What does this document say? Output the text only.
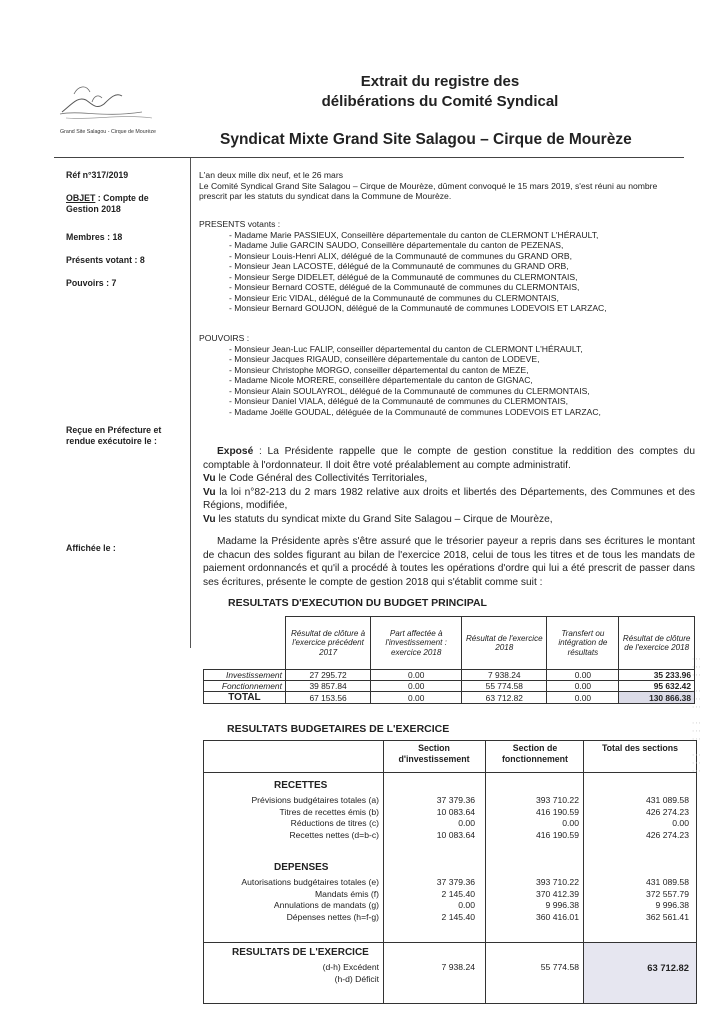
Grand Site Salagou - Cirque de Mourèze
Extrait du registre des
délibérations du Comité Syndical
Syndicat Mixte Grand Site Salagou – Cirque de Mourèze
Réf n°317/2019
OBJET : Compte de
Gestion 2018
Membres : 18
Présents votant : 8
Pouvoirs : 7
Reçue en Préfecture et
rendue exécutoire le :
Affichée le :
L'an deux mille dix neuf, et le 26 mars
Le Comité Syndical Grand Site Salagou – Cirque de Mourèze, dûment convoqué le 15 mars 2019, s'est réuni au nombre
prescrit par les statuts du syndicat dans la Commune de Mourèze.
PRESENTS votants :
- Madame Marie PASSIEUX, Conseillère départementale du canton de CLERMONT L'HÉRAULT,
- Madame Julie GARCIN SAUDO, Conseillère départementale du canton de PEZENAS,
- Monsieur Louis-Henri ALIX, délégué de la Communauté de communes du GRAND ORB,
- Monsieur Jean LACOSTE, délégué de la Communauté de communes du GRAND ORB,
- Monsieur Serge DIDELET, délégué de la Communauté de communes du CLERMONTAIS,
- Monsieur Bernard COSTE, délégué de la Communauté de communes du CLERMONTAIS,
- Monsieur Eric VIDAL, délégué de la Communauté de communes du CLERMONTAIS,
- Monsieur Bernard GOUJON, délégué de la Communauté de communes LODEVOIS ET LARZAC,
POUVOIRS :
- Monsieur Jean-Luc FALIP, conseiller départemental du canton de CLERMONT L'HÉRAULT,
- Monsieur Jacques RIGAUD, conseillère départementale du canton de LODEVE,
- Monsieur Christophe MORGO, conseiller départemental du canton de MEZE,
- Madame Nicole MORERE, conseillère départementale du canton de GIGNAC,
- Monsieur Alain SOULAYROL, délégué de la Communauté de communes du CLERMONTAIS,
- Monsieur Daniel VIALA, délégué de la Communauté de communes du CLERMONTAIS,
- Madame Joëlle GOUDAL, déléguée de la Communauté de communes LODEVOIS ET LARZAC,
Exposé : La Présidente rappelle que le compte de gestion constitue la reddition des comptes du comptable à l'ordonnateur. Il doit être voté préalablement au compte administratif.
Vu le Code Général des Collectivités Territoriales,
Vu la loi n°82-213 du 2 mars 1982 relative aux droits et libertés des Départements, des Communes et des Régions, modifiée,
Vu les statuts du syndicat mixte du Grand Site Salagou – Cirque de Mourèze,
Madame la Présidente après s'être assuré que le trésorier payeur a repris dans ses écritures le montant de chacun des soldes figurant au bilan de l'exercice 2018, celui de tous les titres et de tous les mandats de paiement ordonnancés et qu'il a procédé à toutes les opérations d'ordre qui lui a été prescrit de passer dans ses écritures, présente le compte de gestion 2018 qui s'établit comme suit :
RESULTATS D'EXECUTION DU BUDGET PRINCIPAL
	Résultat de clôture à l'exercice précédent 2017	Part affectée à l'investissement : exercice 2018	Résultat de l'exercice 2018	Transfert ou intégration de résultats	Résultat de clôture de l'exercice 2018
Investissement	27 295.72	0.00	7 938.24	0.00	35 233.96
Fonctionnement	39 857.84	0.00	55 774.58	0.00	95 632.42
TOTAL	67 153.56	0.00	63 712.82	0.00	130 866.38
RESULTATS BUDGETAIRES DE L'EXERCICE
Section d'investissement
Section de fonctionnement
Total des sections
RECETTES
Prévisions budgétaires totales (a)	37 379.36	393 710.22	431 089.58
Titres de recettes émis (b)	10 083.64	416 190.59	426 274.23
Réductions de titres (c)	0.00	0.00	0.00
Recettes nettes (d=b-c)	10 083.64	416 190.59	426 274.23
DEPENSES
Autorisations budgétaires totales (e)	37 379.36	393 710.22	431 089.58
Mandats émis (f)	2 145.40	370 412.39	372 557.79
Annulations de mandats (g)	0.00	9 996.38	9 996.38
Dépenses nettes (h=f-g)	2 145.40	360 416.01	362 561.41
RESULTATS DE L'EXERCICE
(d-h) Excédent	7 938.24	55 774.58	63 712.82
(h-d) Déficit
∙∙∙
∙∙∙
∙∙∙

∙∙∙
∙∙∙
∙∙∙

∙∙∙
∙∙∙
∙∙∙

∙∙∙
∙∙∙
∙∙∙
